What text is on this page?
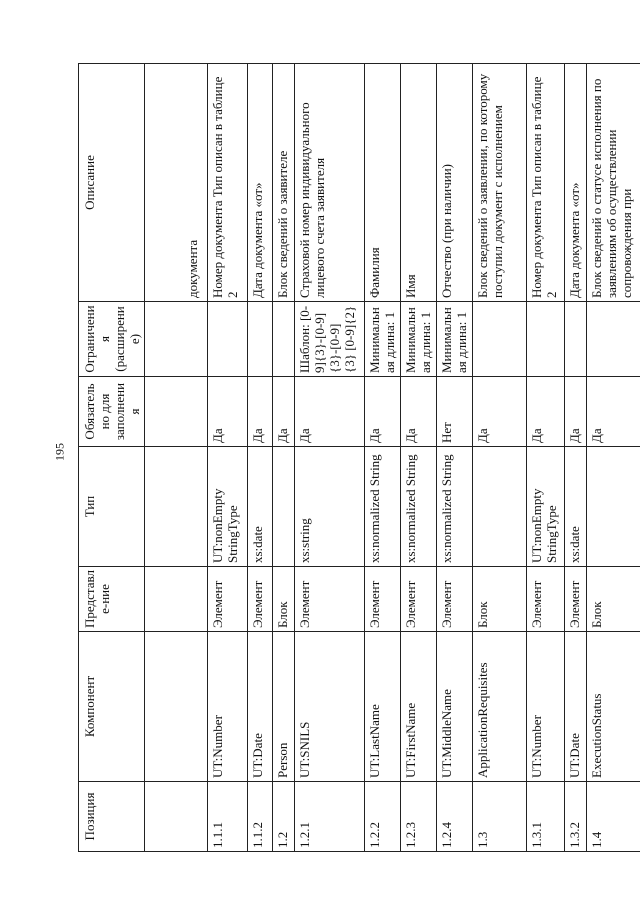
195
Позиция	Компонент	Представле-ние	Тип	Обязательно для заполнения	Ограничения (расширение)	Описание

						документа

1.1.1	UT:Number	Элемент	UT:nonEmpty StringType	Да		Номер документа Тип описан в таблице 2
1.1.2	UT:Date	Элемент	xs:date	Да		Дата документа «от»
1.2	Person	Блок		Да		Блок сведений о заявителе
1.2.1	UT:SNILS	Элемент	xs:string	Да	Шаблон: [0-9]{3}-[0-9]{3}-[0-9]{3} [0-9]{2}	Страховой номер индивидуального лицевого счета заявителя
1.2.2	UT:LastName	Элемент	xs:normalized String	Да	Минимальная длина: 1	Фамилия
1.2.3	UT:FirstName	Элемент	xs:normalized String	Да	Минимальная длина: 1	Имя
1.2.4	UT:MiddleName	Элемент	xs:normalized String	Нет	Минимальная длина: 1	Отчество (при наличии)
1.3	ApplicationRequisites	Блок		Да		Блок сведений о заявлении, по которому поступил документ с исполнением
1.3.1	UT:Number	Элемент	UT:nonEmpty StringType	Да		Номер документа Тип описан в таблице 2
1.3.2	UT:Date	Элемент	xs:date	Да		Дата документа «от»
1.4	ExecutionStatus	Блок		Да		Блок сведений о статусе исполнения по заявлениям об осуществлении сопровождения при
